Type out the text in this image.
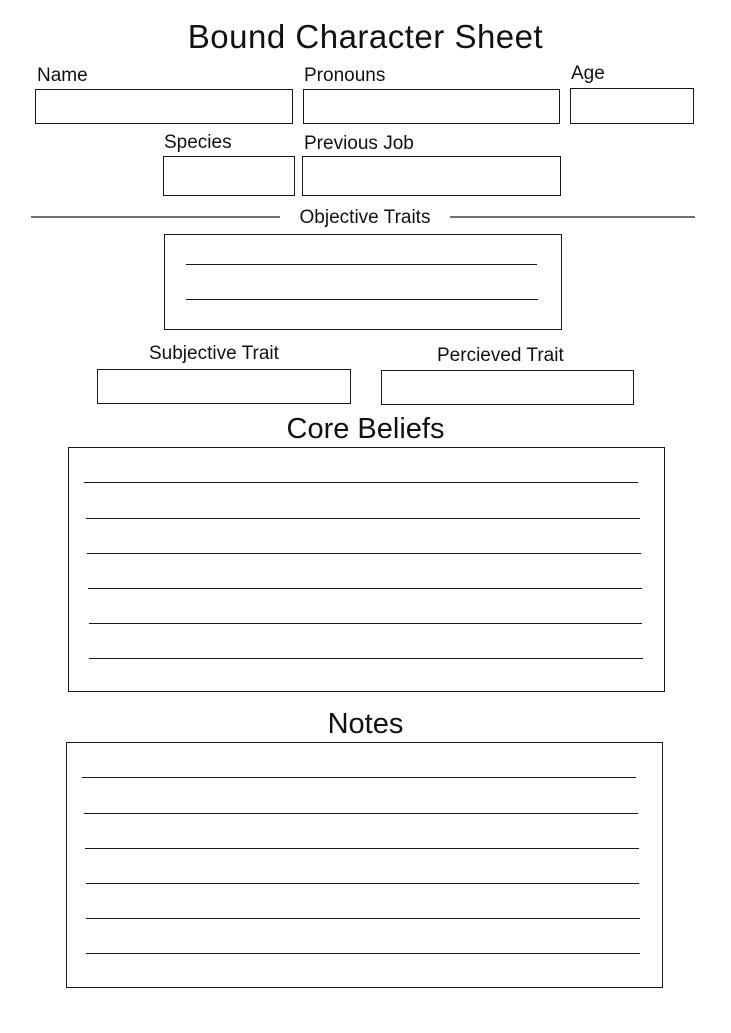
Bound Character Sheet
Name	Pronouns	Age
Species	Previous Job
Objective Traits
Subjective Trait	Percieved Trait
Core Beliefs
Notes
